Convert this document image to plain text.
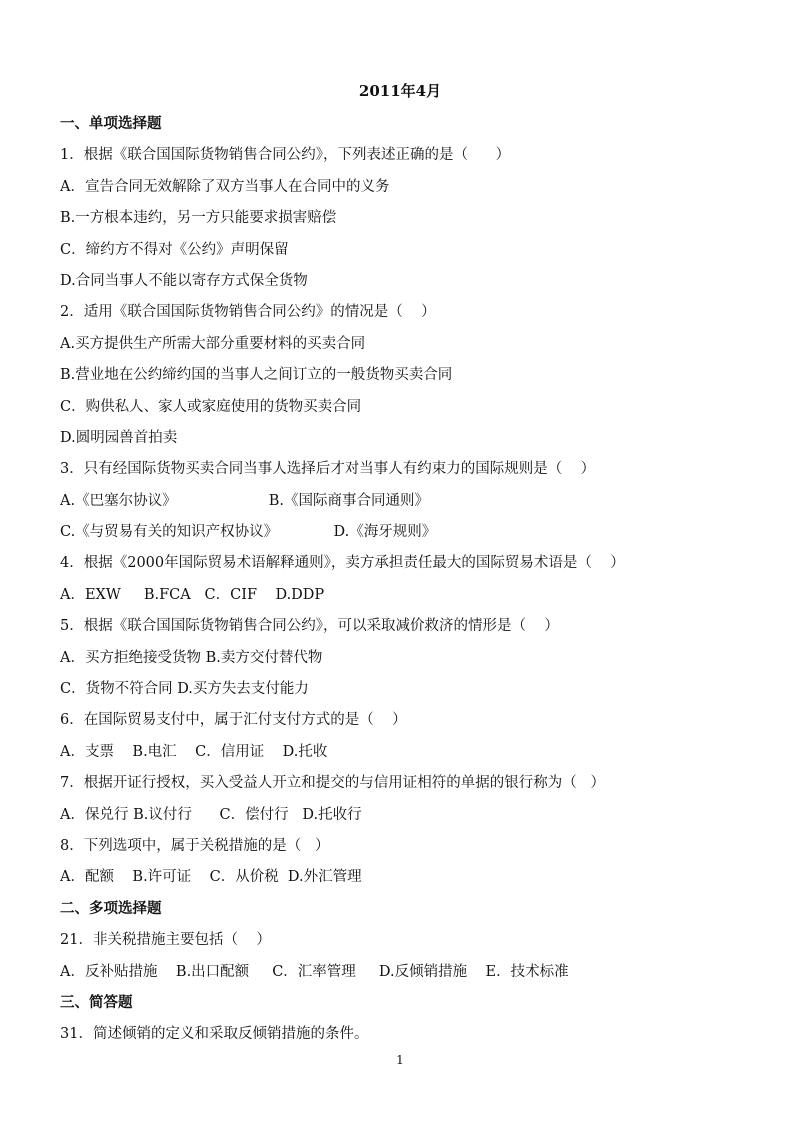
2011年4月
一、单项选择题
1．根据《联合国国际货物销售合同公约》，下列表述正确的是（      ）
A．宣告合同无效解除了双方当事人在合同中的义务
B.一方根本违约，另一方只能要求损害赔偿
C．缔约方不得对《公约》声明保留
D.合同当事人不能以寄存方式保全货物
2．适用《联合国国际货物销售合同公约》的情况是（    ）
A.买方提供生产所需大部分重要材料的买卖合同
B.营业地在公约缔约国的当事人之间订立的一般货物买卖合同
C．购供私人、家人或家庭使用的货物买卖合同
D.圆明园兽首拍卖
3．只有经国际货物买卖合同当事人选择后才对当事人有约束力的国际规则是（    ）
A.《巴塞尔协议》                    B.《国际商事合同通则》
C.《与贸易有关的知识产权协议》            D.《海牙规则》
4．根据《2000年国际贸易术语解释通则》，卖方承担责任最大的国际贸易术语是（    ）
A．EXW     B.FCA   C．CIF    D.DDP
5．根据《联合国国际货物销售合同公约》，可以采取减价救济的情形是（    ）
A．买方拒绝接受货物 B.卖方交付替代物
C．货物不符合同 D.买方失去支付能力
6．在国际贸易支付中，属于汇付支付方式的是（    ）
A．支票    B.电汇    C．信用证    D.托收
7．根据开证行授权，买入受益人开立和提交的与信用证相符的单据的银行称为（   ）
A．保兑行 B.议付行      C．偿付行   D.托收行
8．下列选项中，属于关税措施的是（   ）
A．配额    B.许可证    C．从价税  D.外汇管理
二、多项选择题
21．非关税措施主要包括（    ）
A．反补贴措施    B.出口配额     C．汇率管理     D.反倾销措施    E．技术标准
三、简答题
31．简述倾销的定义和采取反倾销措施的条件。
1
